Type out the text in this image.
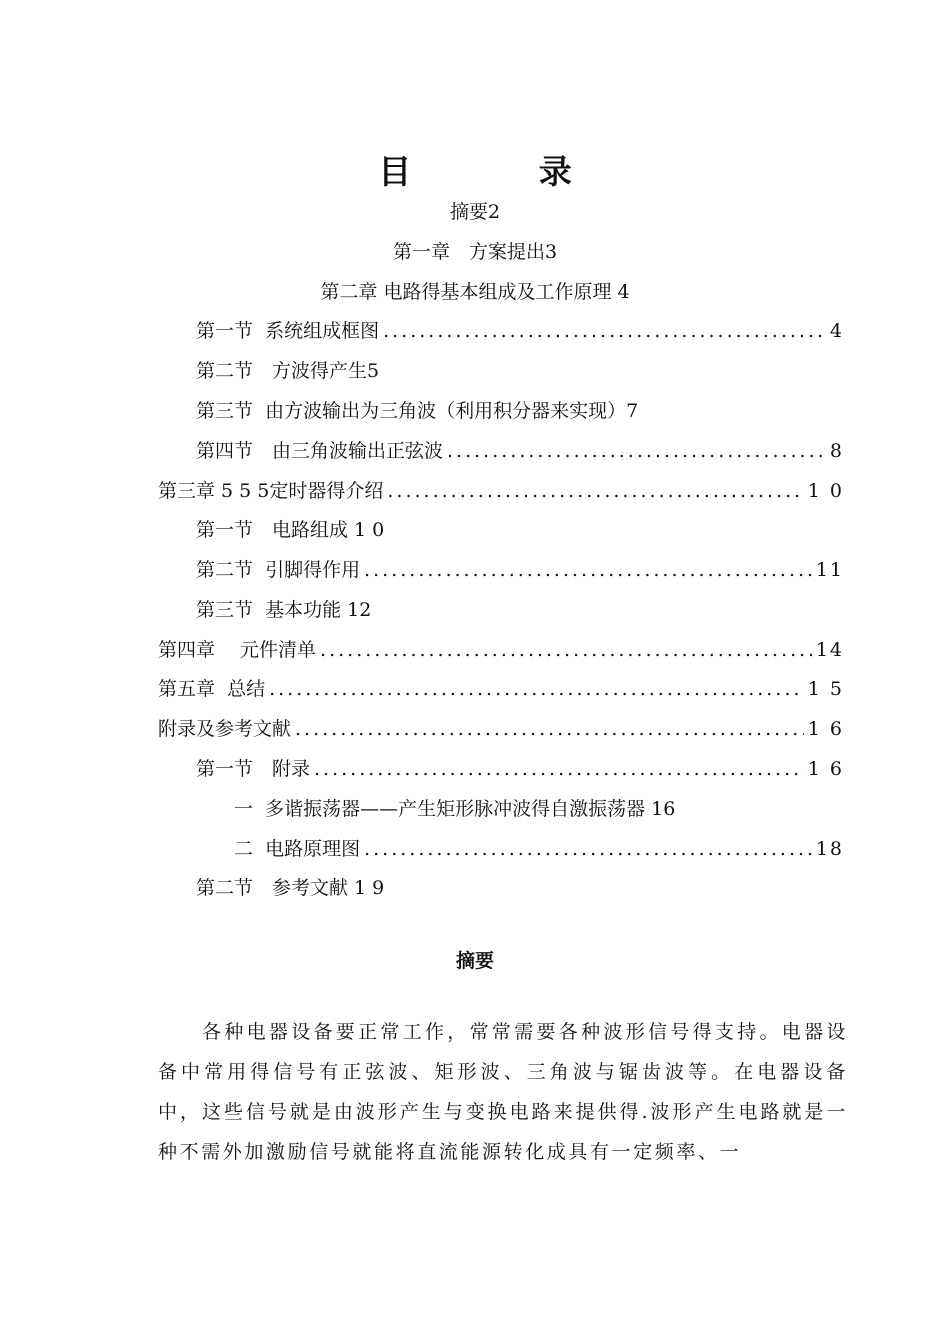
目 录
摘要2
第一章　方案提出3
第二章 电路得基本组成及工作原理 4
第一节  系统组成框图 .....	4
第二节　方波得产生5
第三节  由方波输出为三角波（利用积分器来实现）7
第四节　由三角波输出正弦波 .....	8
第三章 5 5 5定时器得介绍 .....	1 0
第一节　电路组成 1 0
第二节  引脚得作用 .....	11
第三节  基本功能 12
第四章　 元件清单 .....	14
第五章  总结 .....	1 5
附录及参考文献 .....	1 6
第一节　附录 .....	1 6
一  多谐振荡器——产生矩形脉冲波得自激振荡器 16
二  电路原理图 .....	18
第二节　参考文献 1 9
摘要

各种电器设备要正常工作，常常需要各种波形信号得支持。电器设备中常用得信号有正弦波、矩形波、三角波与锯齿波等。在电器设备中，这些信号就是由波形产生与变换电路来提供得.波形产生电路就是一种不需外加激励信号就能将直流能源转化成具有一定频率、一
